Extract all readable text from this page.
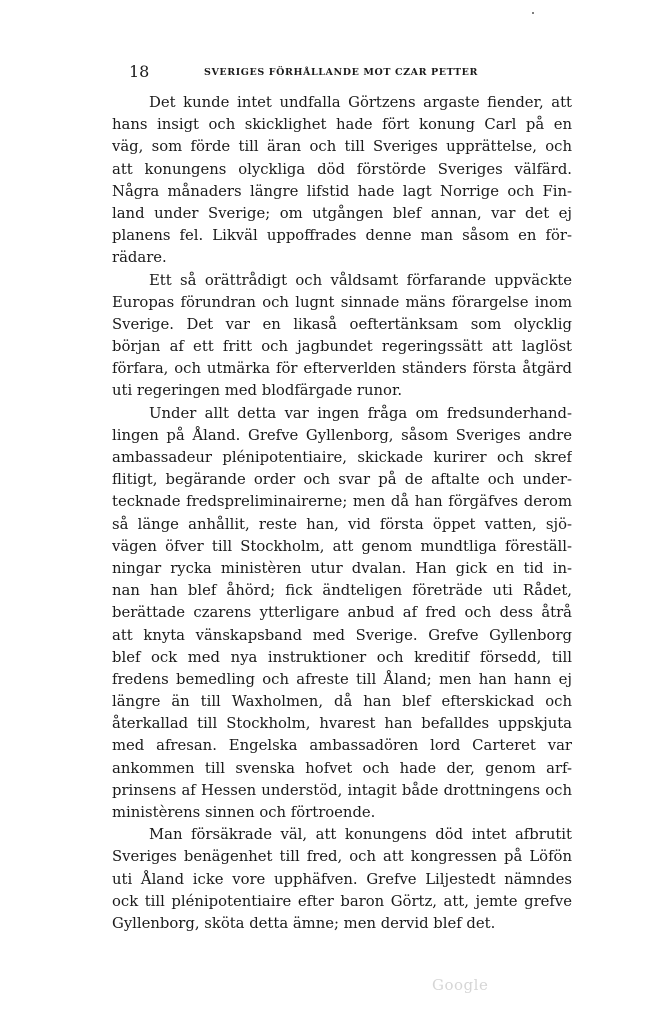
18	SVERIGES FÖRHÅLLANDE MOT CZAR PETTER
Det kunde intet undfalla Görtzens argaste fiender, att
hans insigt och skicklighet hade fört konung Carl på en
väg, som förde till äran och till Sveriges upprättelse, och
att konungens olyckliga död förstörde Sveriges välfärd.
Några månaders längre lifstid hade lagt Norrige och Fin-
land under Sverige; om utgången blef annan, var det ej
planens fel. Likväl uppoffrades denne man såsom en för-
rädare.
Ett så orättrådigt och våldsamt förfarande uppväckte
Europas förundran och lugnt sinnade mäns förargelse inom
Sverige. Det var en likaså oeftertänksam som olycklig
början af ett fritt och jagbundet regeringssätt att laglöst
förfara, och utmärka för efterverlden ständers första åtgärd
uti regeringen med blodfärgade runor.
Under allt detta var ingen fråga om fredsunderhand-
lingen på Åland. Grefve Gyllenborg, såsom Sveriges andre
ambassadeur plénipotentiaire, skickade kurirer och skref
flitigt, begärande order och svar på de aftalte och under-
tecknade fredspreliminairerne; men då han förgäfves derom
så länge anhållit, reste han, vid första öppet vatten, sjö-
vägen öfver till Stockholm, att genom mundtliga föreställ-
ningar rycka ministèren utur dvalan. Han gick en tid in-
nan han blef åhörd; fick ändteligen företräde uti Rådet,
berättade czarens ytterligare anbud af fred och dess åtrå
att knyta vänskapsband med Sverige. Grefve Gyllenborg
blef ock med nya instruktioner och kreditif försedd, till
fredens bemedling och afreste till Åland; men han hann ej
längre än till Waxholmen, då han blef efterskickad och
återkallad till Stockholm, hvarest han befalldes uppskjuta
med afresan. Engelska ambassadören lord Carteret var
ankommen till svenska hofvet och hade der, genom arf-
prinsens af Hessen understöd, intagit både drottningens och
ministèrens sinnen och förtroende.
Man försäkrade väl, att konungens död intet afbrutit
Sveriges benägenhet till fred, och att kongressen på Löfön
uti Åland icke vore upphäfven. Grefve Liljestedt nämndes
ock till plénipotentiaire efter baron Görtz, att, jemte grefve
Gyllenborg, sköta detta ämne; men dervid blef det.
Google
